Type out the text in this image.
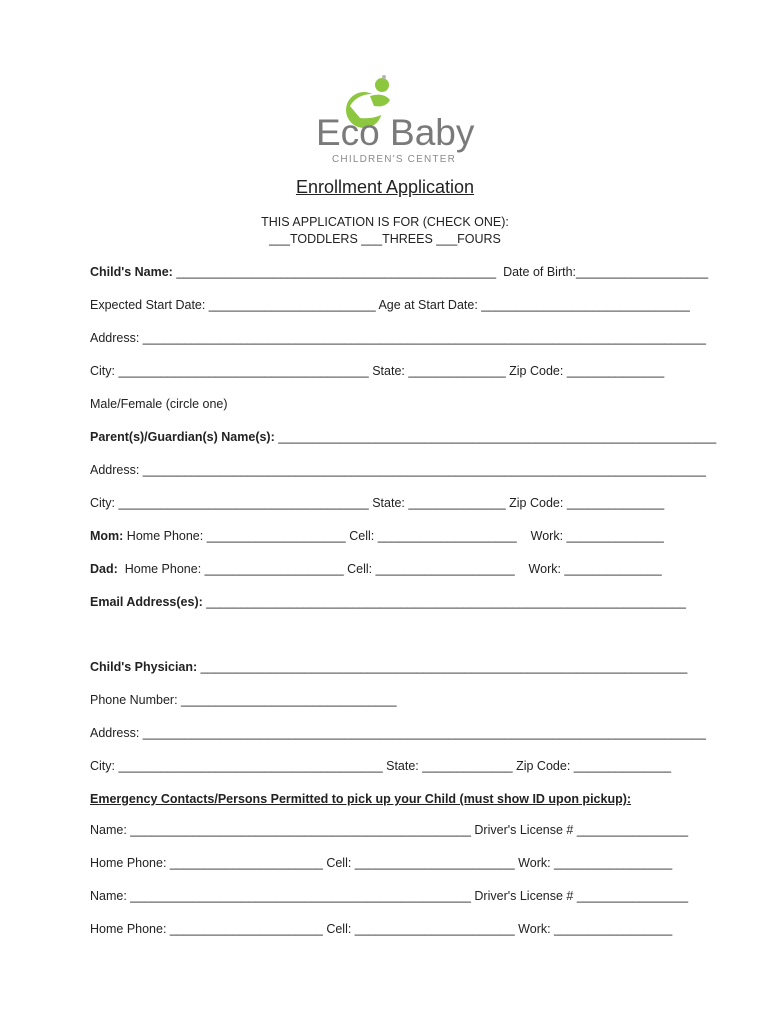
Eco Baby
CHILDREN'S CENTER
Enrollment Application
THIS APPLICATION IS FOR (CHECK ONE):
___TODDLERS ___THREES ___FOURS
Child's Name: ______________________________________________  Date of Birth:___________________
Expected Start Date: ________________________ Age at Start Date: ______________________________
Address: _________________________________________________________________________________
City: ____________________________________ State: ______________ Zip Code: ______________
Male/Female (circle one)
Parent(s)/Guardian(s) Name(s): _______________________________________________________________
Address: _________________________________________________________________________________
City: ____________________________________ State: ______________ Zip Code: ______________
Mom: Home Phone: ____________________ Cell: ____________________    Work: ______________
Dad:  Home Phone: ____________________ Cell: ____________________    Work: ______________
Email Address(es): _____________________________________________________________________
Child's Physician: ______________________________________________________________________
Phone Number: _______________________________
Address: _________________________________________________________________________________
City: ______________________________________ State: _____________ Zip Code: ______________
Emergency Contacts/Persons Permitted to pick up your Child (must show ID upon pickup):
Name: _________________________________________________ Driver's License # ________________
Home Phone: ______________________ Cell: _______________________ Work: _________________
Name: _________________________________________________ Driver's License # ________________
Home Phone: ______________________ Cell: _______________________ Work: _________________
